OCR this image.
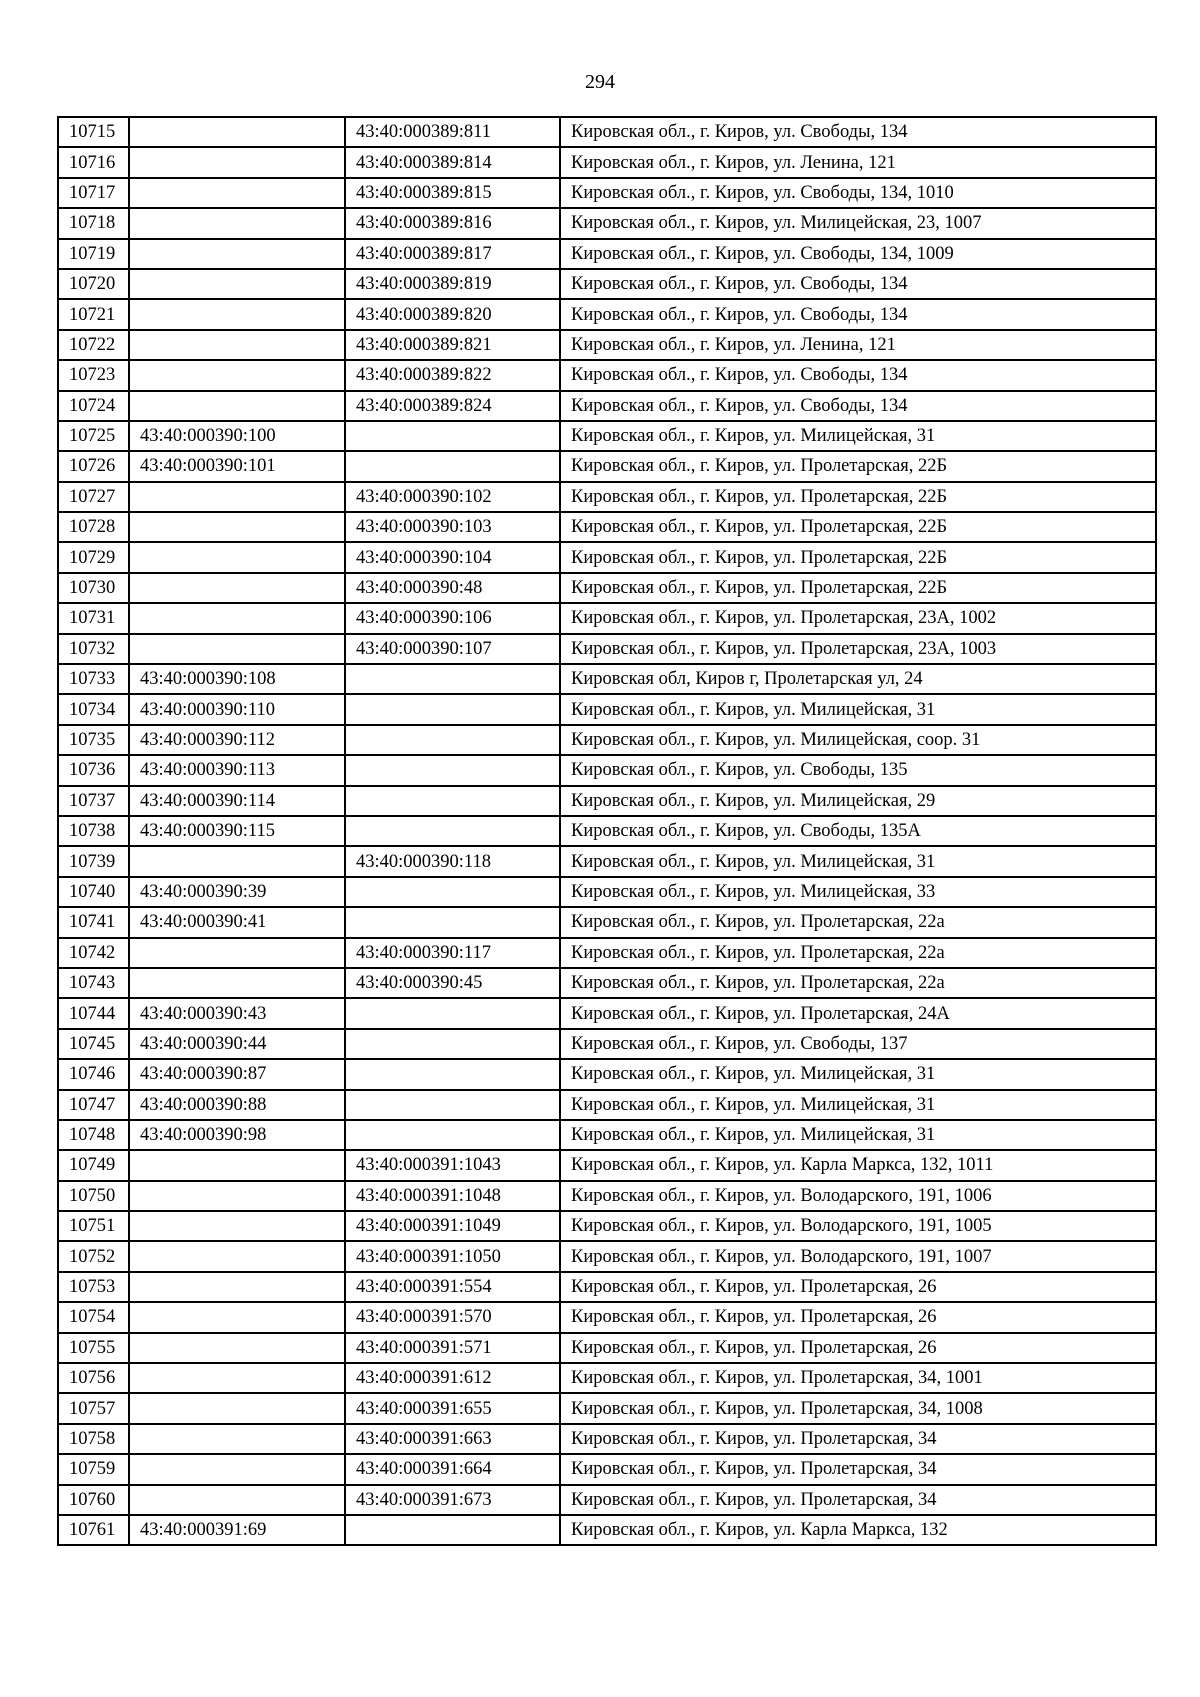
294
10715		43:40:000389:811	Кировская обл., г. Киров, ул. Свободы, 134
10716		43:40:000389:814	Кировская обл., г. Киров, ул. Ленина, 121
10717		43:40:000389:815	Кировская обл., г. Киров, ул. Свободы, 134, 1010
10718		43:40:000389:816	Кировская обл., г. Киров, ул. Милицейская, 23, 1007
10719		43:40:000389:817	Кировская обл., г. Киров, ул. Свободы, 134, 1009
10720		43:40:000389:819	Кировская обл., г. Киров, ул. Свободы, 134
10721		43:40:000389:820	Кировская обл., г. Киров, ул. Свободы, 134
10722		43:40:000389:821	Кировская обл., г. Киров, ул. Ленина, 121
10723		43:40:000389:822	Кировская обл., г. Киров, ул. Свободы, 134
10724		43:40:000389:824	Кировская обл., г. Киров, ул. Свободы, 134
10725	43:40:000390:100		Кировская обл., г. Киров, ул. Милицейская, 31
10726	43:40:000390:101		Кировская обл., г. Киров, ул. Пролетарская, 22Б
10727		43:40:000390:102	Кировская обл., г. Киров, ул. Пролетарская, 22Б
10728		43:40:000390:103	Кировская обл., г. Киров, ул. Пролетарская, 22Б
10729		43:40:000390:104	Кировская обл., г. Киров, ул. Пролетарская, 22Б
10730		43:40:000390:48	Кировская обл., г. Киров, ул. Пролетарская, 22Б
10731		43:40:000390:106	Кировская обл., г. Киров, ул. Пролетарская, 23А, 1002
10732		43:40:000390:107	Кировская обл., г. Киров, ул. Пролетарская, 23А, 1003
10733	43:40:000390:108		Кировская обл, Киров г, Пролетарская ул, 24
10734	43:40:000390:110		Кировская обл., г. Киров, ул. Милицейская, 31
10735	43:40:000390:112		Кировская обл., г. Киров, ул. Милицейская, соор. 31
10736	43:40:000390:113		Кировская обл., г. Киров, ул. Свободы, 135
10737	43:40:000390:114		Кировская обл., г. Киров, ул. Милицейская, 29
10738	43:40:000390:115		Кировская обл., г. Киров, ул. Свободы, 135А
10739		43:40:000390:118	Кировская обл., г. Киров, ул. Милицейская, 31
10740	43:40:000390:39		Кировская обл., г. Киров, ул. Милицейская, 33
10741	43:40:000390:41		Кировская обл., г. Киров, ул. Пролетарская, 22а
10742		43:40:000390:117	Кировская обл., г. Киров, ул. Пролетарская, 22а
10743		43:40:000390:45	Кировская обл., г. Киров, ул. Пролетарская, 22а
10744	43:40:000390:43		Кировская обл., г. Киров, ул. Пролетарская, 24А
10745	43:40:000390:44		Кировская обл., г. Киров, ул. Свободы, 137
10746	43:40:000390:87		Кировская обл., г. Киров, ул. Милицейская, 31
10747	43:40:000390:88		Кировская обл., г. Киров, ул. Милицейская, 31
10748	43:40:000390:98		Кировская обл., г. Киров, ул. Милицейская, 31
10749		43:40:000391:1043	Кировская обл., г. Киров, ул. Карла Маркса, 132, 1011
10750		43:40:000391:1048	Кировская обл., г. Киров, ул. Володарского, 191, 1006
10751		43:40:000391:1049	Кировская обл., г. Киров, ул. Володарского, 191, 1005
10752		43:40:000391:1050	Кировская обл., г. Киров, ул. Володарского, 191, 1007
10753		43:40:000391:554	Кировская обл., г. Киров, ул. Пролетарская, 26
10754		43:40:000391:570	Кировская обл., г. Киров, ул. Пролетарская, 26
10755		43:40:000391:571	Кировская обл., г. Киров, ул. Пролетарская, 26
10756		43:40:000391:612	Кировская обл., г. Киров, ул. Пролетарская, 34, 1001
10757		43:40:000391:655	Кировская обл., г. Киров, ул. Пролетарская, 34, 1008
10758		43:40:000391:663	Кировская обл., г. Киров, ул. Пролетарская, 34
10759		43:40:000391:664	Кировская обл., г. Киров, ул. Пролетарская, 34
10760		43:40:000391:673	Кировская обл., г. Киров, ул. Пролетарская, 34
10761	43:40:000391:69		Кировская обл., г. Киров, ул. Карла Маркса, 132
